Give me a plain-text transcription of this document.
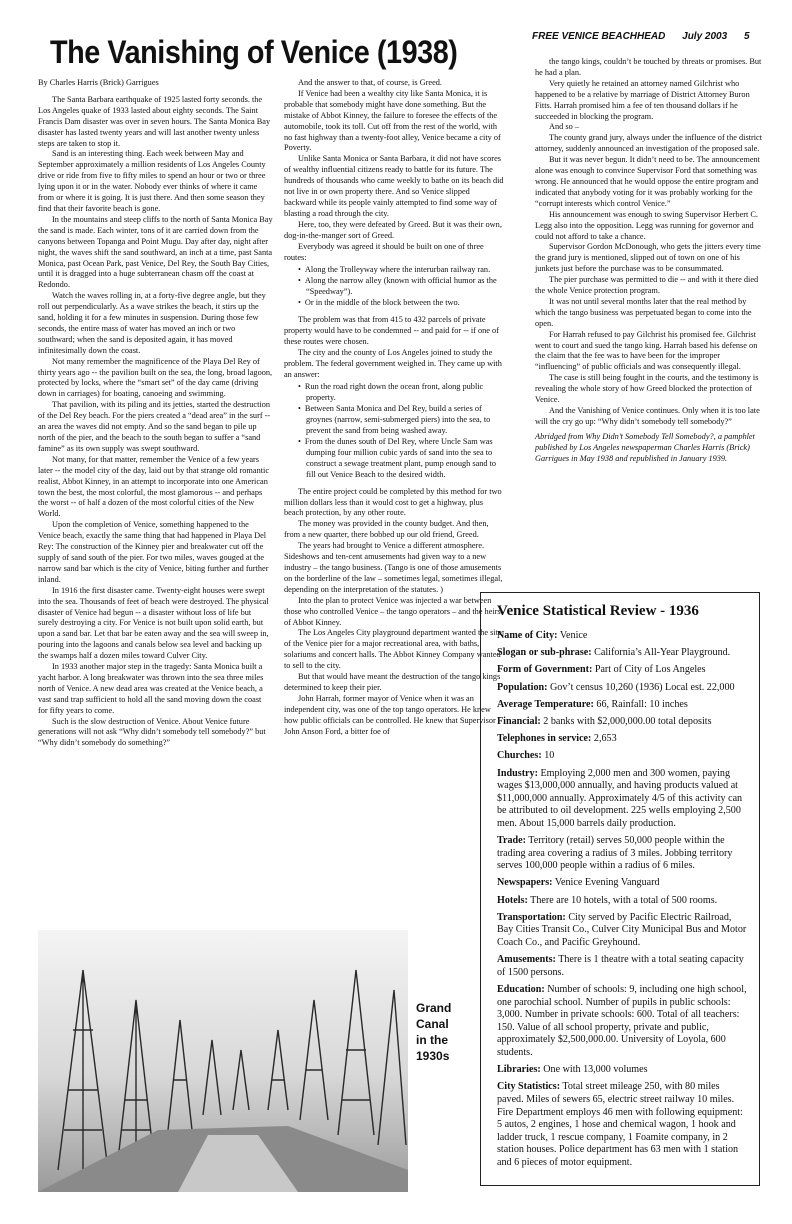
The Vanishing of Venice (1938)	FREE VENICE BEACHHEAD July 2003 5

By Charles Harris (Brick) Garrigues

The Santa Barbara earthquake of 1925 lasted forty seconds. the Los Angeles quake of 1933 lasted about eighty seconds. The Saint Francis Dam disaster was over in seven hours. The Santa Monica Bay disaster has lasted twenty years and will last another twenty unless steps are taken to stop it.

Sand is an interesting thing. Each week between May and September approximately a million residents of Los Angeles County drive or ride from five to fifty miles to spend an hour or two or three lying upon it or in the water. Nobody ever thinks of where it came from or where it is going. It is just there. And then some season they find that their favorite beach is gone.

In the mountains and steep cliffs to the north of Santa Monica Bay the sand is made. Each winter, tons of it are carried down from the canyons between Topanga and Point Mugu. Day after day, night after night, the waves shift the sand southward, an inch at a time, past Santa Monica, past Ocean Park, past Venice, Del Rey, the South Bay Cities, until it is dragged into a huge subterranean chasm off the coast at Redondo.

Watch the waves rolling in, at a forty-five degree angle, but they roll out perpendicularly. As a wave strikes the beach, it stirs up the sand, holding it for a few minutes in suspension. During those few seconds, the entire mass of water has moved an inch or two southward; when the sand is deposited again, it has moved infinitesimally down the coast.

Not many remember the magnificence of the Playa Del Rey of thirty years ago -- the pavilion built on the sea, the long, broad lagoon, protected by locks, where the “smart set” of the day came (driving down in carriages) for boating, canoeing and swimming.

That pavilion, with its piling and its jetties, started the destruction of the Del Rey beach. For the piers created a “dead area” in the surf -- an area the waves did not empty. And so the sand began to pile up north of the pier, and the beach to the south began to suffer a “sand famine” as its own supply was swept southward.

Not many, for that matter, remember the Venice of a few years later -- the model city of the day, laid out by that strange old romantic realist, Abbot Kinney, in an attempt to incorporate into one American town the best, the most colorful, the most glamorous -- and perhaps the worst -- of half a dozen of the most colorful cities of the New World.

Upon the completion of Venice, something happened to the Venice beach, exactly the same thing that had happened in Playa Del Rey: The construction of the Kinney pier and breakwater cut off the supply of sand south of the pier. For two miles, waves gouged at the narrow sand bar which is the city of Venice, biting further and further inland.

In 1916 the first disaster came. Twenty-eight houses were swept into the sea. Thousands of feet of beach were destroyed. The physical disaster of Venice had begun -- a disaster without loss of life but surely destroying a city. For Venice is not built upon solid earth, but upon a sand bar. Let that bar be eaten away and the sea will sweep in, pouring into the lagoons and canals below sea level and backing up the swamps half a dozen miles toward Culver City.

In 1933 another major step in the tragedy: Santa Monica built a yacht harbor. A long breakwater was thrown into the sea three miles north of Venice. A new dead area was created at the Venice beach, a vast sand trap sufficient to hold all the sand moving down the coast for fifty years to come.

Such is the slow destruction of Venice. About Venice future generations will not ask “Why didn’t somebody tell somebody?” but “Why didn’t somebody do something?”

And the answer to that, of course, is Greed.

If Venice had been a wealthy city like Santa Monica, it is probable that somebody might have done something. But the mistake of Abbot Kinney, the failure to foresee the effects of the automobile, took its toll. Cut off from the rest of the world, with no fast highway than a twenty-foot alley, Venice became a city of Poverty.

Unlike Santa Monica or Santa Barbara, it did not have scores of wealthy influential citizens ready to battle for its future. The hundreds of thousands who came weekly to bathe on its beach did not live in or own property there. And so Venice slipped backward while its people vainly attempted to find some way of blasting a road through the city.

Here, too, they were defeated by Greed. But it was their own, dog-in-the-manger sort of Greed.

Everybody was agreed it should be built on one of three routes:

• Along the Trolleyway where the interurban railway ran.
• Along the narrow alley (known with official humor as the “Speedway”).
• Or in the middle of the block between the two.

The problem was that from 415 to 432 parcels of private property would have to be condemned -- and paid for -- if one of these routes were chosen.

The city and the county of Los Angeles joined to study the problem. The federal government weighed in. They came up with an answer:

• Run the road right down the ocean front, along public property.
• Between Santa Monica and Del Rey, build a series of groynes (narrow, semi-submerged piers) into the sea, to prevent the sand from being washed away.
• From the dunes south of Del Rey, where Uncle Sam was dumping four million cubic yards of sand into the sea to construct a sewage treatment plant, pump enough sand to fill out Venice Beach to the desired width.

The entire project could be completed by this method for two million dollars less than it would cost to get a highway, plus beach protection, by any other route.

The money was provided in the county budget. And then, from a new quarter, there bobbed up our old friend, Greed.

The years had brought to Venice a different atmosphere. Sideshows and ten-cent amusements had given way to a new industry – the tango business. (Tango is one of those amusements on the borderline of the law – sometimes legal, sometimes illegal, depending on the interpretation of the statutes. )

Into the plan to protect Venice was injected a war between those who controlled Venice – the tango operators – and the heirs of Abbot Kinney.

The Los Angeles City playground department wanted the site of the Venice pier for a major recreational area, with baths, solariums and concert halls. The Abbot Kinney Company wanted to sell to the city.

But that would have meant the destruction of the tango kings determined to keep their pier.

John Harrah, former mayor of Venice when it was an independent city, was one of the top tango operators. He knew how public officials can be controlled. He knew that Supervisor John Anson Ford, a bitter foe of

the tango kings, couldn’t be touched by threats or promises. But he had a plan.

Very quietly he retained an attorney named Gilchrist who happened to be a relative by marriage of District Attorney Buron Fitts. Harrah promised him a fee of ten thousand dollars if he succeeded in blocking the program.

And so –

The county grand jury, always under the influence of the district attorney, suddenly announced an investigation of the proposed sale.

But it was never begun. It didn’t need to be. The announcement alone was enough to convince Supervisor Ford that something was wrong. He announced that he would oppose the entire program and indicated that anybody voting for it was probably working for the “corrupt interests which control Venice.”

His announcement was enough to swing Supervisor Herbert C. Legg also into the opposition. Legg was running for governor and could not afford to take a chance.

Supervisor Gordon McDonough, who gets the jitters every time the grand jury is mentioned, slipped out of town on one of his junkets just before the purchase was to be consummated.

The pier purchase was permitted to die -- and with it there died the whole Venice protection program.

It was not until several months later that the real method by which the tango business was perpetuated began to come into the open.

For Harrah refused to pay Gilchrist his promised fee. Gilchrist went to court and sued the tango king. Harrah based his defense on the claim that the fee was to have been for the improper “influencing” of public officials and was consequently illegal.

The case is still being fought in the courts, and the testimony is revealing the whole story of how Greed blocked the protection of Venice.

And the Vanishing of Venice continues. Only when it is too late will the cry go up: “Why didn’t somebody tell somebody?”

Abridged from Why Didn’t Somebody Tell Somebody?, a pamphlet published by Los Angeles newspaperman Charles Harris (Brick) Garrigues in May 1938 and republished in January 1939.

Grand
Canal
in the
1930s
Venice Statistical Review - 1936
Name of City: Venice
Slogan or sub-phrase: California’s All-Year Playground.
Form of Government: Part of City of Los Angeles
Population: Gov’t census 10,260 (1936) Local est. 22,000
Average Temperature: 66, Rainfall: 10 inches
Financial: 2 banks with $2,000,000.00 total deposits
Telephones in service: 2,653
Churches: 10
Industry: Employing 2,000 men and 300 women, paying wages $13,000,000 annually, and having products valued at $11,000,000 annually. Approximately 4/5 of this activity can be attributed to oil development. 225 wells employing 2,500 men. About 15,000 barrels daily production.
Trade: Territory (retail) serves 50,000 people within the trading area covering a radius of 3 miles. Jobbing territory serves 100,000 people within a radius of 6 miles.
Newspapers: Venice Evening Vanguard
Hotels: There are 10 hotels, with a total of 500 rooms.
Transportation: City served by Pacific Electric Railroad, Bay Cities Transit Co., Culver City Municipal Bus and Motor Coach Co., and Pacific Greyhound.
Amusements: There is 1 theatre with a total seating capacity of 1500 persons.
Education: Number of schools: 9, including one high school, one parochial school. Number of pupils in public schools: 3,000. Number in private schools: 600. Total of all teachers: 150. Value of all school property, private and public, approximately $2,500,000.00. University of Loyola, 600 students.
Libraries: One with 13,000 volumes
City Statistics: Total street mileage 250, with 80 miles paved. Miles of sewers 65, electric street railway 10 miles. Fire Department employs 46 men with following equipment: 5 autos, 2 engines, 1 hose and chemical wagon, 1 hook and ladder truck, 1 rescue company, 1 Foamite company, in 2 station houses. Police department has 63 men with 1 station and 6 pieces of motor equipment.
